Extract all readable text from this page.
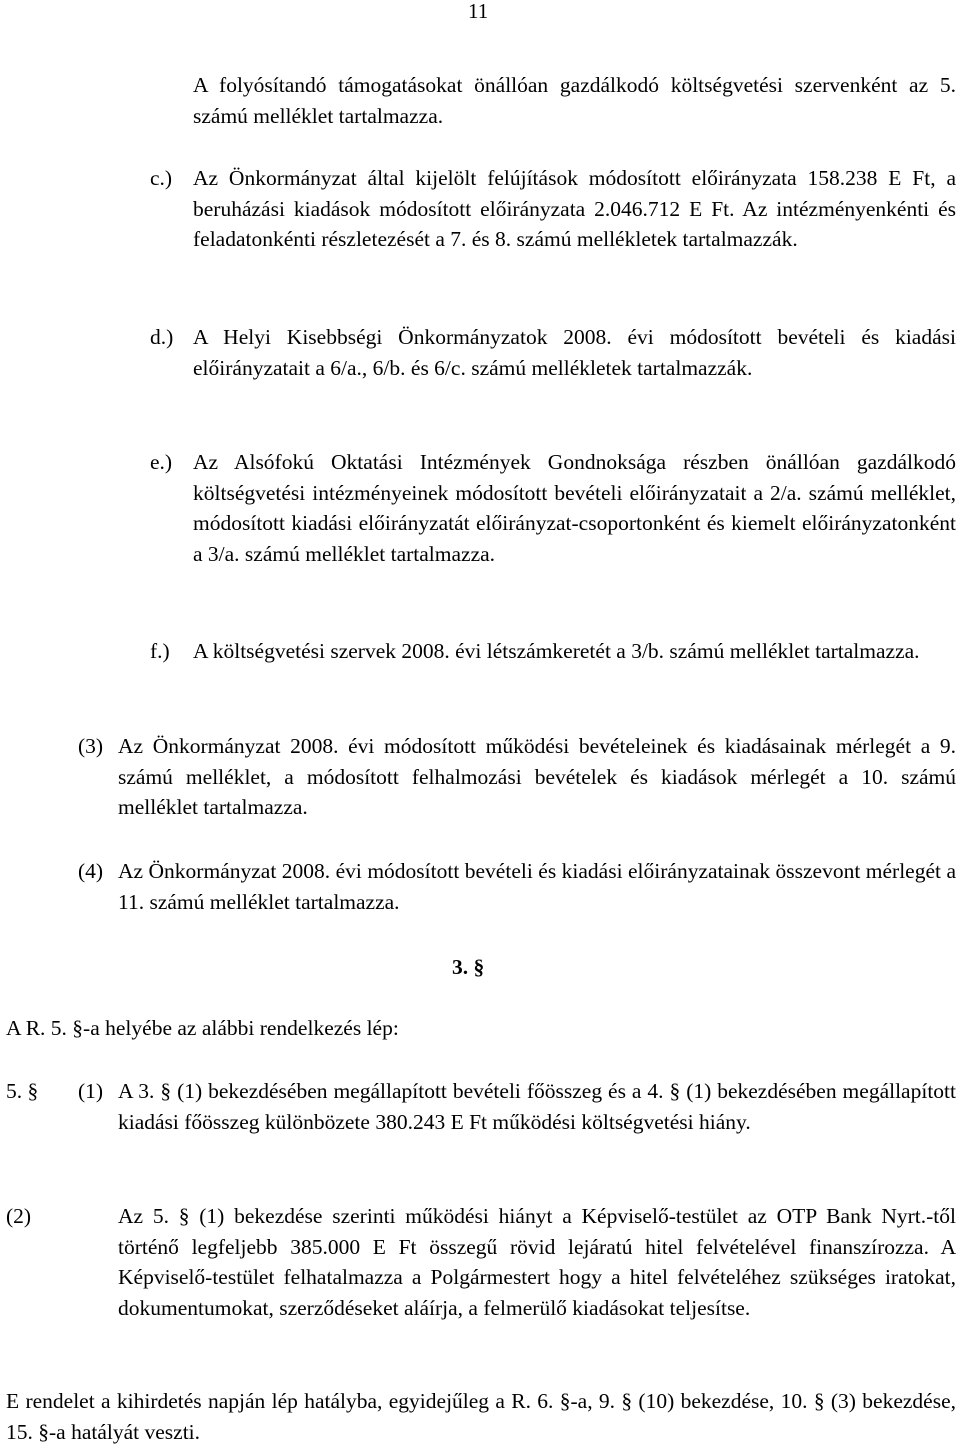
11
A folyósítandó támogatásokat önállóan gazdálkodó költségvetési szervenként az 5. számú melléklet tartalmazza.
c.) Az Önkormányzat által kijelölt felújítások módosított előirányzata 158.238 E Ft, a beruházási kiadások módosított előirányzata 2.046.712 E Ft. Az intézményenkénti és feladatonkénti részletezését a 7. és 8. számú mellékletek tartalmazzák.
d.) A Helyi Kisebbségi Önkormányzatok 2008. évi módosított bevételi és kiadási előirányzatait a 6/a., 6/b. és 6/c. számú mellékletek tartalmazzák.
e.) Az Alsófokú Oktatási Intézmények Gondnoksága részben önállóan gazdálkodó költségvetési intézményeinek módosított bevételi előirányzatait a 2/a. számú melléklet, módosított kiadási előirányzatát előirányzat-csoportonként és kiemelt előirányzatonként a 3/a. számú melléklet tartalmazza.
f.) A költségvetési szervek 2008. évi létszámkeretét a 3/b. számú melléklet tartalmazza.
(3) Az Önkormányzat 2008. évi módosított működési bevételeinek és kiadásainak mérlegét a 9. számú melléklet, a módosított felhalmozási bevételek és kiadások mérlegét a 10. számú melléklet tartalmazza.
(4) Az Önkormányzat 2008. évi módosított bevételi és kiadási előirányzatainak összevont mérlegét a 11. számú melléklet tartalmazza.
3. §
A R. 5. §-a helyébe az alábbi rendelkezés lép:
5. § (1) A 3. § (1) bekezdésében megállapított bevételi főösszeg és a 4. § (1) bekezdésében megállapított kiadási főösszeg különbözete 380.243 E Ft működési költségvetési hiány.
(2)	Az 5. § (1) bekezdése szerinti működési hiányt a Képviselő-testület az OTP Bank Nyrt.-től történő legfeljebb 385.000 E Ft összegű rövid lejáratú hitel felvételével finanszírozza. A Képviselő-testület felhatalmazza a Polgármestert hogy a hitel felvételéhez szükséges iratokat, dokumentumokat, szerződéseket aláírja, a felmerülő kiadásokat teljesítse.
E rendelet a kihirdetés napján lép hatályba, egyidejűleg a R. 6. §-a, 9. § (10) bekezdése, 10. § (3) bekezdése, 15. §-a hatályát veszti.
